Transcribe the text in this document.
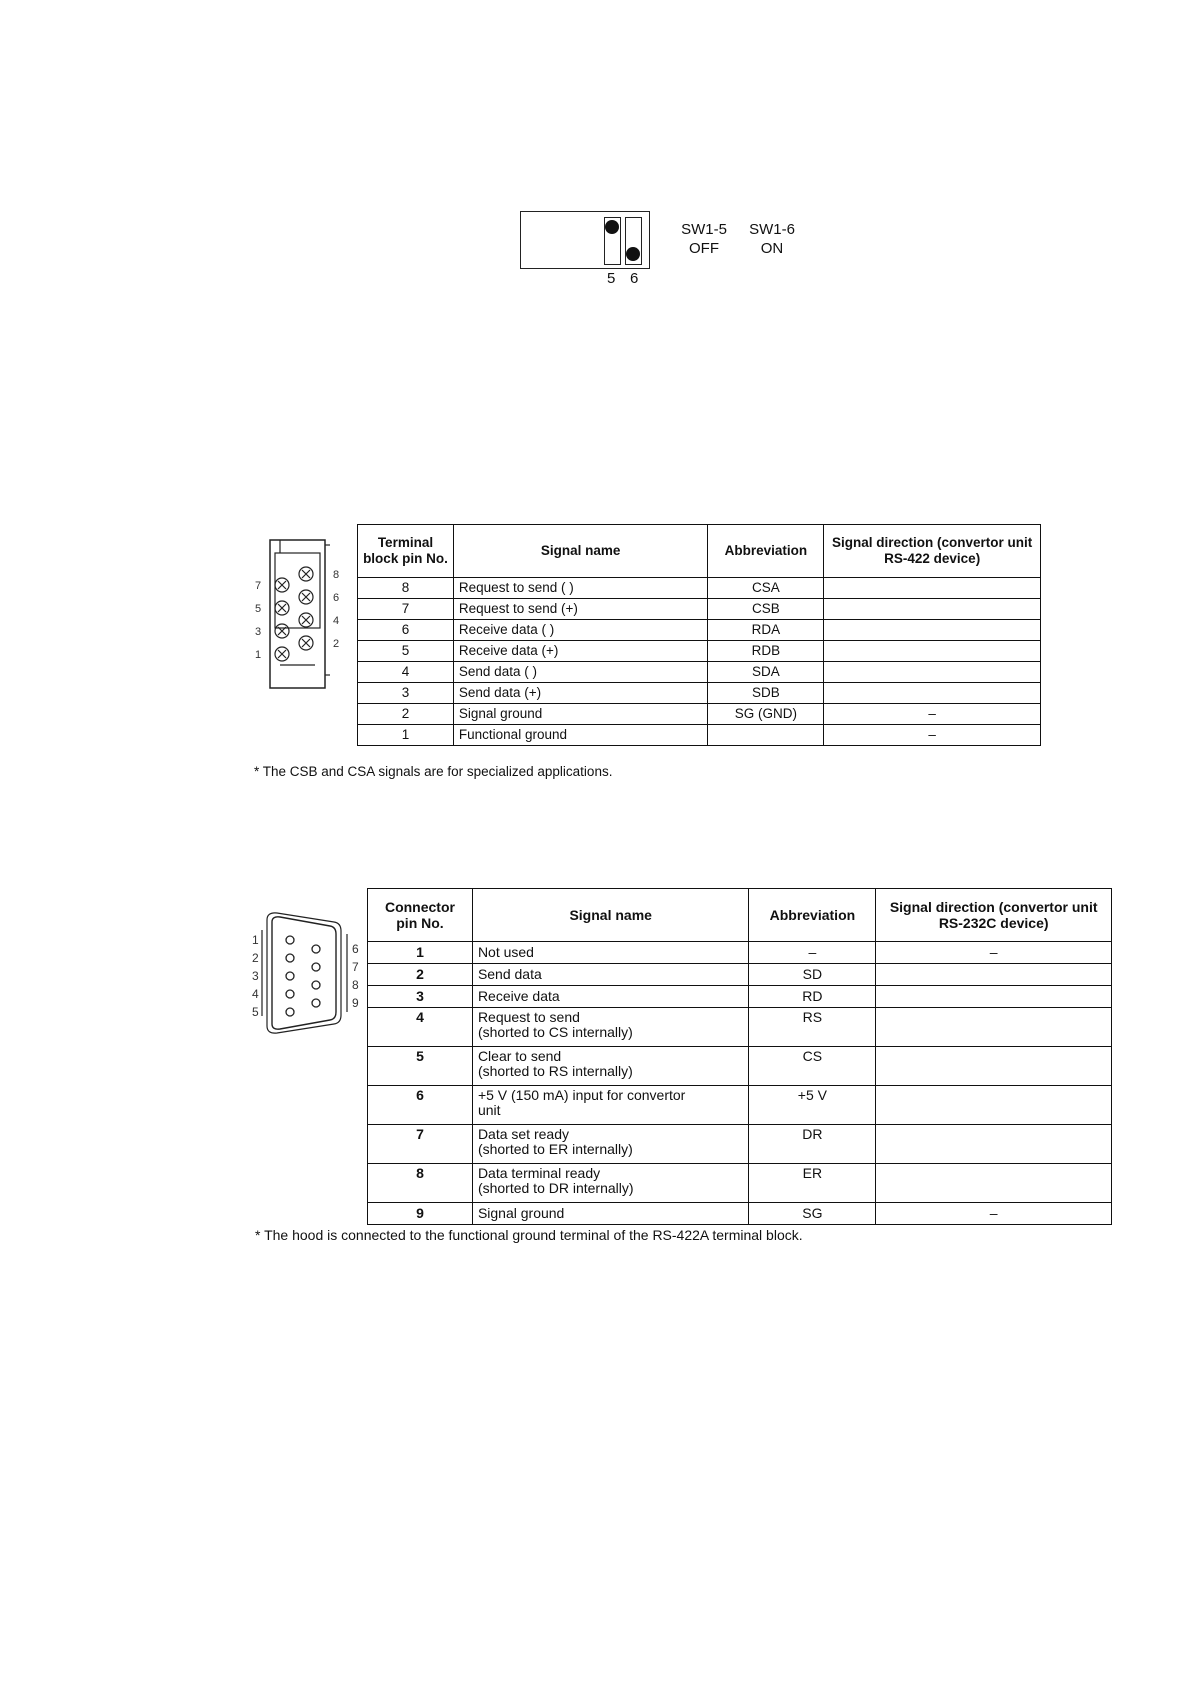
5 6
SW1-5
OFF
SW1-6
ON
7
5
3
1
8
6
4
2
Terminal block pin No.	Signal name	Abbreviation	Signal direction (convertor unit RS-422 device)
8	Request to send ( )	CSA	
7	Request to send (+)	CSB	
6	Receive data ( )	RDA	
5	Receive data (+)	RDB	
4	Send data ( )	SDA	
3	Send data (+)	SDB	
2	Signal ground	SG (GND)	–
1	Functional ground		–
* The CSB and CSA signals are for specialized applications.
1
2
3
4
5
6
7
8
9
Connector pin No.	Signal name	Abbreviation	Signal direction (convertor unit RS-232C device)
1	Not used	–	–
2	Send data	SD	
3	Receive data	RD	
4	Request to send
(shorted to CS internally)	RS	
5	Clear to send
(shorted to RS internally)	CS	
6	+5 V (150 mA) input for convertor
unit	+5 V	
7	Data set ready
(shorted to ER internally)	DR	
8	Data terminal ready
(shorted to DR internally)	ER	
9	Signal ground	SG	–
* The hood is connected to the functional ground terminal of the RS-422A terminal block.
